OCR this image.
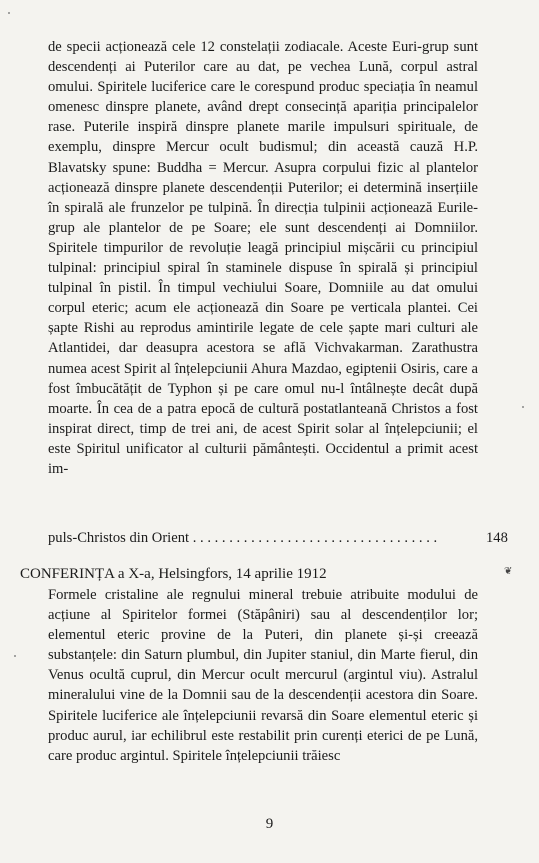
de specii acționează cele 12 constelații zodiacale. Aceste Euri-grup sunt descendenți ai Puterilor care au dat, pe vechea Lună, corpul astral omului. Spiritele luciferice care le corespund produc speciația în neamul omenesc dinspre planete, având drept consecință apariția principalelor rase. Puterile inspiră dinspre planete marile impulsuri spirituale, de exemplu, dinspre Mercur ocult budismul; din această cauză H.P. Blavatsky spune: Buddha = Mercur. Asupra corpului fizic al plantelor acționează dinspre planete descendenții Puterilor; ei determină inserțiile în spirală ale frunzelor pe tulpină. În direcția tulpinii acționează Eurile-grup ale plantelor de pe Soare; ele sunt descendenți ai Domniilor. Spiritele timpurilor de revoluție leagă principiul mișcării cu principiul tulpinal: principiul spiral în staminele dispuse în spirală și principiul tulpinal în pistil. În timpul vechiului Soare, Domniile au dat omului corpul eteric; acum ele acționează din Soare pe verticala plantei. Cei șapte Rishi au reprodus amintirile legate de cele șapte mari culturi ale Atlantidei, dar deasupra acestora se află Vichvakarman. Zarathustra numea acest Spirit al înțelepciunii Ahura Mazdao, egiptenii Osiris, care a fost îmbucătățit de Typhon și pe care omul nu-l întâlnește decât după moarte. În cea de a patra epocă de cultură postatlanteană Christos a fost inspirat direct, timp de trei ani, de acest Spirit solar al înțelepciunii; el este Spiritul unificator al culturii pământești. Occidentul a primit acest im-
puls-Christos din Orient . . . . . . . . . . . . . . . . . . . . . . . . . . . . . . . . . .	148
CONFERINȚA a X-a, Helsingfors, 14 aprilie 1912
Formele cristaline ale regnului mineral trebuie atribuite modului de acțiune al Spiritelor formei (Stăpâniri) sau al descendenților lor; elementul eteric provine de la Puteri, din planete și-și creează substanțele: din Saturn plumbul, din Jupiter staniul, din Marte fierul, din Venus ocultă cuprul, din Mercur ocult mercurul (argintul viu). Astralul mineralului vine de la Domnii sau de la descendenții acestora din Soare. Spiritele luciferice ale înțelepciunii revarsă din Soare elementul eteric și produc aurul, iar echilibrul este restabilit prin curenți eterici de pe Lună, care produc argintul. Spiritele înțelepciunii trăiesc
❦
9
